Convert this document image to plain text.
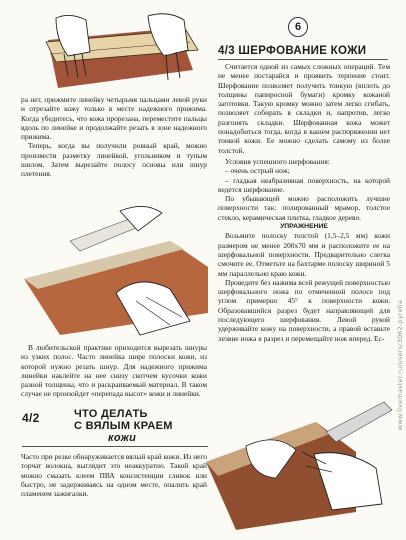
6

ра нет, прижмите линейку четырьмя пальцами левой руки и отрезайте кожу только в месте надежного прижима. Когда убедитесь, что кожа прорезана, переместите пальцы вдоль по линейке и продолжайте резать в зоне надежного прижима.

Теперь, когда вы получили ровный край, можно произвести разметку линейкой, угольником и тупым шилом. Затем вырезайте полосу основы или шнур плетения.

В любительской практике приходится вырезать шнуры из узких полос. Часто линейка шире полоски кожи, из которой нужно резать шнур. Для надежного прижима линейки наклейте на нее снизу скотчем кусочки кожи разной толщины, что и раскраиваемый материал. В таком случае не произойдет «перепада высот» кожи и линейки.

4/2	ЧТО ДЕЛАТЬ
С ВЯЛЫМ КРАЕМ
кожи

Часто при резке обнаруживается вялый край кожи. Из него торчат волокна, выглядит это неаккуратно. Такой край можно смазать клеем ПВА консистенции сливок или быстро, не задерживаясь на одном месте, опалить край пламенем зажигалки.

4/3 ШЕРФОВАНИЕ КОЖИ

Считается одной из самых сложных операций. Тем не менее постарайся и проявить терпение стоит. Шерфование позволяет получить тонкую (вплоть до толщины папиросной бумаги) кромку кожаной заготовки. Такую кромку можно затем легко сгибать, позволяет собирать в складки и, напротив, легко разгонять складки. Шерфованная кожа может понадобиться тогда, когда в вашем распоряжении нет тонкой кожи. Ее можно сделать самому из более толстой.

Условия успешного шерфования:

– очень острый нож;

– гладкая неабразивная поверхность, на которой ведется шерфование.

По убывающей можно расположить лучшие поверхности так: полированный мрамор, толстое стекло, керамическая плитка, гладкое дерево.

УПРАЖНЕНИЕ

Возьмите полоску толстой (1,5–2,5 мм) кожи размером не менее 200х70 мм и расположите ее на шерфовальной поверхности. Предварительно слегка смочите ее. Отметьте на бахтарме полоску шириной 5 мм параллельно краю кожи.

Проведите без нажима всей режущей поверхностью шерфовального ножа по отмеченной полосе под углом примерно 45° к поверхности кожи. Образовавшийся разрез будет направляющей для последующего шерфования. Левой рукой удерживайте кожу на поверхности, а правой вставьте лезвие ножа в разрез и перемещайте нож вперед. Ес-	www.livemaster.ru/users/3062-pyrelia
